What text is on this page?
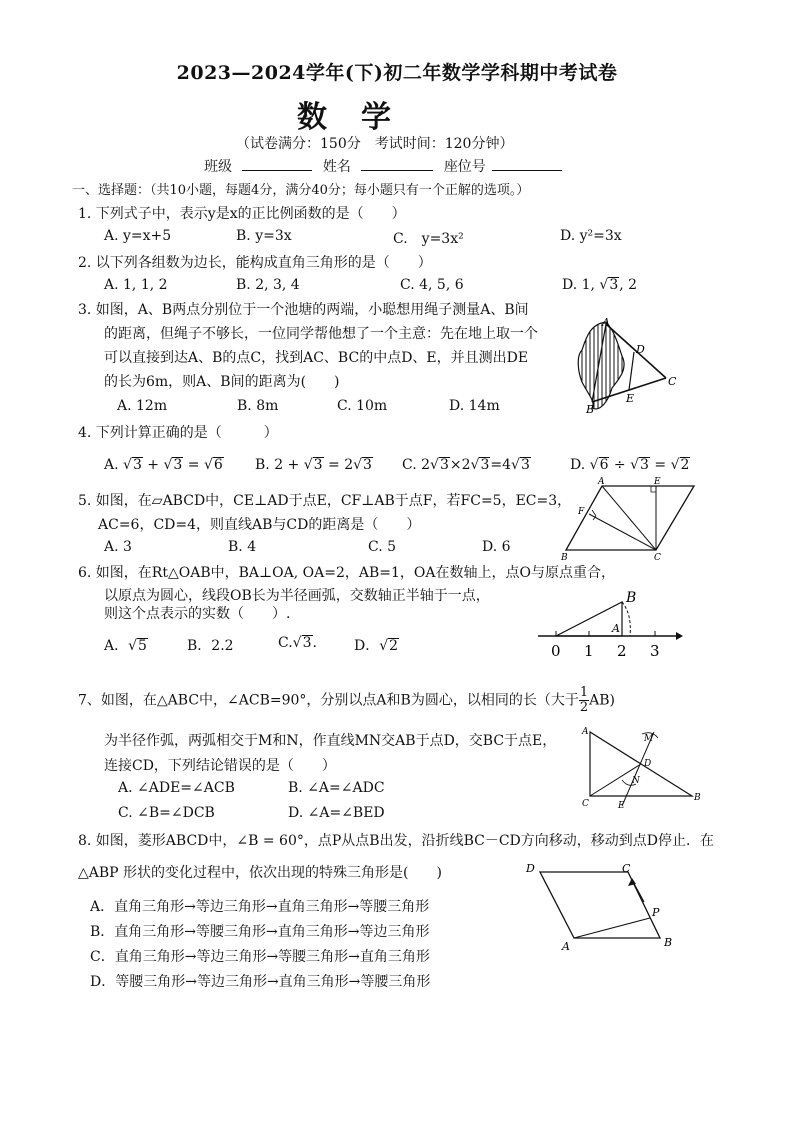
2023—2024学年(下)初二年数学学科期中考试卷
数学
（试卷满分：150分　考试时间：120分钟）
班级	姓名	座位号
一、选择题：（共10小题，每题4分，满分40分；每小题只有一个正解的选项。）
1. 下列式子中，表示y是x的正比例函数的是（　　）
A. y=x+5	B. y=3x	C.　y=3x²	D. y²=3x
2. 以下列各组数为边长，能构成直角三角形的是（　　）
A. 1, 1, 2	B. 2, 3, 4	C. 4, 5, 6	D. 1, √3, 2
3. 如图，A、B两点分别位于一个池塘的两端，小聪想用绳子测量A、B间
的距离，但绳子不够长，一位同学帮他想了一个主意：先在地上取一个
可以直接到达A、B的点C，找到AC、BC的中点D、E，并且测出DE
的长为6m，则A、B间的距离为(　　)
A. 12m	B. 8m	C. 10m	D. 14m
A
B
C
D
E
4. 下列计算正确的是（　　　）
A. √3 + √3 = √6 B. 2 + √3 = 2√3 C. 2√3×2√3=4√3	D. √6 ÷ √3 = √2
5. 如图，在▱ABCD中，CE⊥AD于点E，CF⊥AB于点F，若FC=5，EC=3，
AC=6，CD=4，则直线AB与CD的距离是（　　）
A. 3	B. 4	C. 5	D. 6
A
B	C
E
F
6. 如图，在Rt△OAB中，BA⊥OA, OA=2，AB=1，OA在数轴上，点O与原点重合，
以原点为圆心，线段OB长为半径画弧，交数轴正半轴于一点，
则这个点表示的实数（　　）.
A．√5	B．2.2	C.√3.	D．√2
B
A
0 1 2 3
7、如图，在△ABC中，∠ACB=90°，分别以点A和B为圆心，以相同的长（大于 $\frac{1}{2} AB$)
为半径作弧，两弧相交于M和N，作直线MN交AB于点D，交BC于点E，
连接CD，下列结论错误的是（　　）
A. ∠ADE=∠ACB	B. ∠A=∠ADC
C. ∠B=∠DCB	D. ∠A=∠BED
A
B
C
D
E
M
N
8. 如图，菱形ABCD中，∠B = 60°，点P从点B出发，沿折线BC－CD方向移动，移动到点D停止．在
△ABP 形状的变化过程中，依次出现的特殊三角形是(　　)
A．直角三角形→等边三角形→直角三角形→等腰三角形
B．直角三角形→等腰三角形→直角三角形→等边三角形
C．直角三角形→等边三角形→等腰三角形→直角三角形
D．等腰三角形→等边三角形→直角三角形→等腰三角形
D	C
B
A
P
